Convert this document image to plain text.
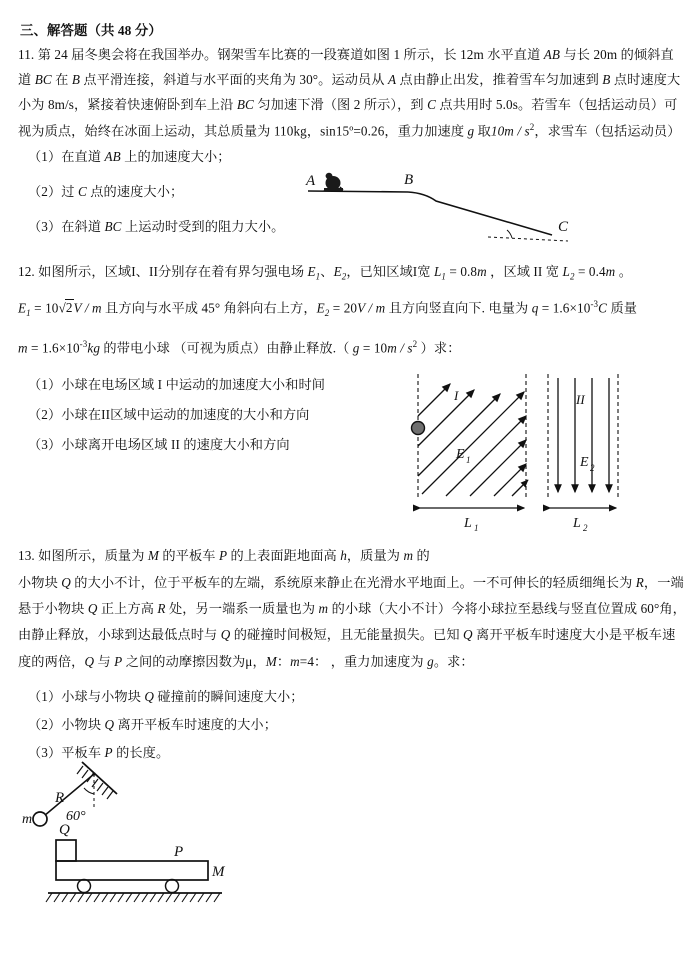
三、解答题（共 48 分）
11. 第 24 届冬奥会将在我国举办。钢架雪车比赛的一段赛道如图 1 所示，长 12m 水平直道 AB 与长 20m 的倾斜直
道 BC 在 B 点平滑连接，斜道与水平面的夹角为 30°。运动员从 A 点由静止出发，推着雪车匀加速到 B 点时速度大
小为 8m/s，紧接着快速俯卧到车上沿 BC 匀加速下滑（图 2 所示），到 C 点共用时 5.0s。若雪车（包括运动员）可
视为质点，始终在冰面上运动，其总质量为 110kg，sin15º=0.26，重力加速度 g 取$10m / s^2$，求雪车（包括运动员）
（1）在直道 AB 上的加速度大小；
（2）过 C 点的速度大小；
（3）在斜道 BC 上运动时受到的阻力大小。
A	B
C
12. 如图所示，区域I、II分别存在着有界匀强电场 $E_1$、$E_2$，已知区域I宽 $L_1 = 0.8m$ ，区域 II 宽 $L_2 = 0.4m$ 。
$E_1 = 10√2V / m$ 且方向与水平成 45° 角斜向右上方，$E_2 = 20V / m$ 且方向竖直向下. 电量为 $q = 1.6\times 10^{-3}C$ 质量
$m = 1.6\times 10^{-3}kg$ 的带电小球 （可视为质点）由静止释放.（ $g = 10m / s^2$ ）求：
（1）小球在电场区域 I 中运动的加速度大小和时间
（2）小球在II区域中运动的加速度的大小和方向
（3）小球离开电场区域 II 的速度大小和方向
I	II
E 1	E 2
L 1	L 2
13. 如图所示，质量为 M 的平板车 P 的上表面距地面高 h，质量为 m 的
小物块 Q 的大小不计，位于平板车的左端，系统原来静止在光滑水平地面上。一不可伸长的轻质细绳长为 R，一端
悬于小物块 Q 正上方高 R 处，另一端系一质量也为 m 的小球（大小不计）今将小球拉至悬线与竖直位置成 60°角，
由静止释放，小球到达最低点时与 Q 的碰撞时间极短，且无能量损失。已知 Q 离开平板车时速度大小是平板车速
度的两倍，Q 与 P 之间的动摩擦因数为μ，M：m=4： ，重力加速度为 g。求：
（1）小球与小物块 Q 碰撞前的瞬间速度大小；
（2）小物块 Q 离开平板车时速度的大小；
（3）平板车 P 的长度。
m
R
60°
Q
P
M
